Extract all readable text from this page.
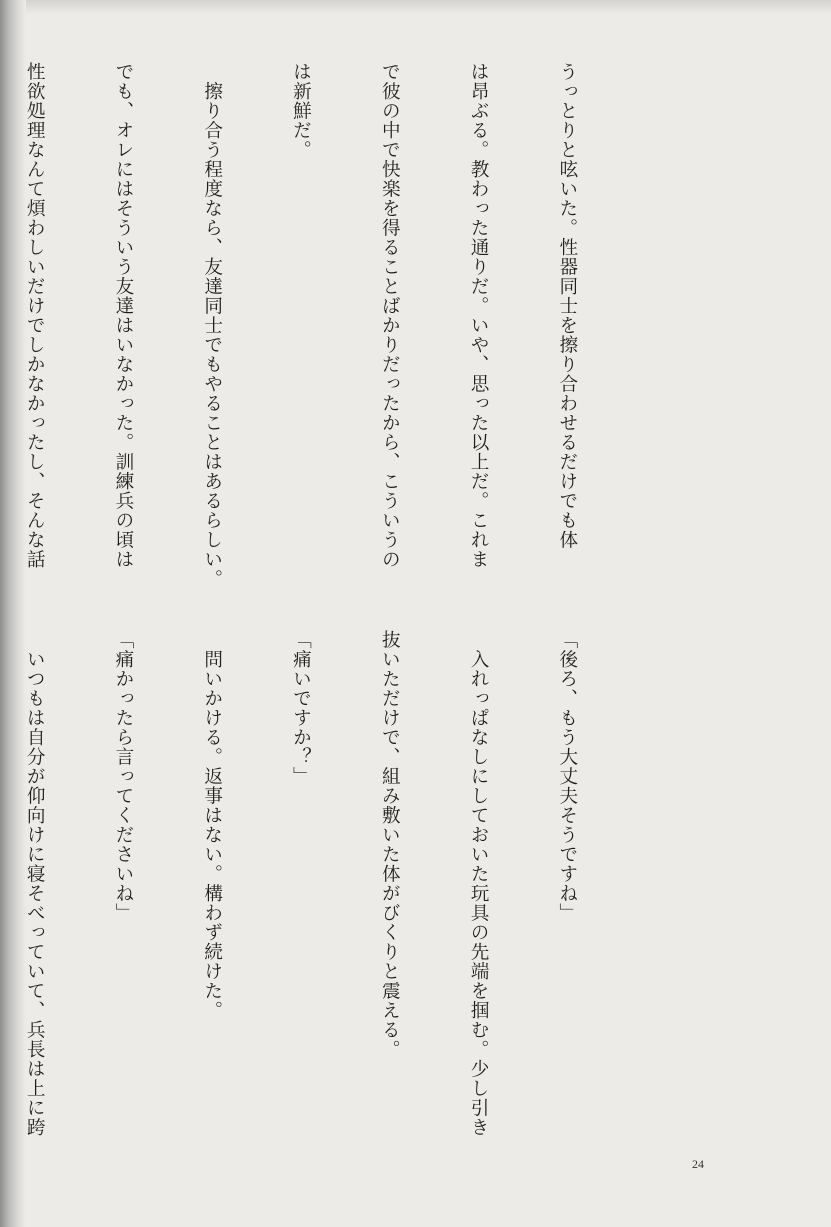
うっとりと呟いた。性器同士を擦り合わせるだけでも体

は昂ぶる。教わった通りだ。いや、思った以上だ。これま

で彼の中で快楽を得ることばかりだったから、こういうの

は新鮮だ。

　擦り合う程度なら、友達同士でもやることはあるらしい。

でも、オレにはそういう友達はいなかった。訓練兵の頃は

性欲処理なんて煩わしいだけでしかなかったし、そんな話

「後ろ、もう大丈夫そうですね」

　入れっぱなしにしておいた玩具の先端を掴む。少し引き

抜いただけで、組み敷いた体がびくりと震える。

「痛いですか？」

　問いかける。返事はない。構わず続けた。

「痛かったら言ってくださいね」

　いつもは自分が仰向けに寝そべっていて、兵長は上に跨

24
